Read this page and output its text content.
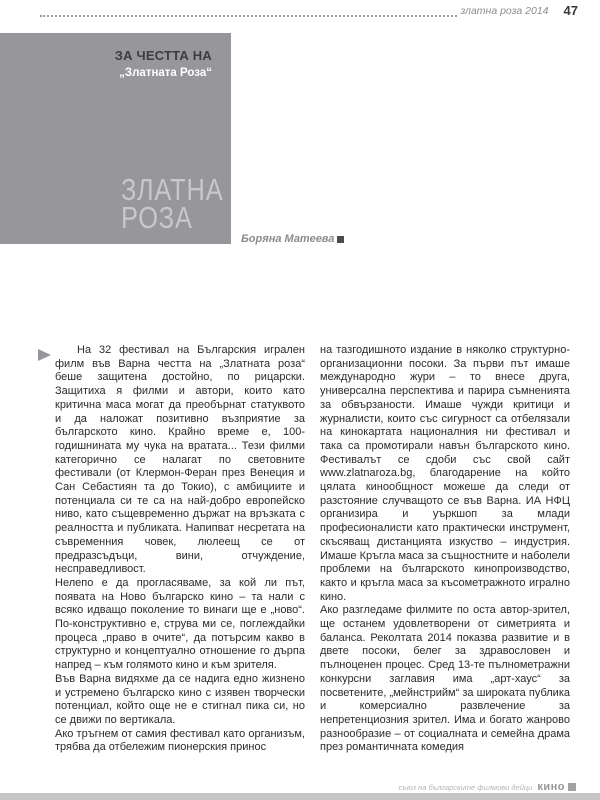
златна роза 2014 47
ЗА ЧЕСТТА НА
„Златната Роза“
ЗЛАТНА
РОЗА
Боряна Матеева

На 32 фестивал на Българския игрален филм във Варна честта на „Златната роза“ беше защитена достойно, по рицарски. Защитиха я филми и автори, които като критична маса могат да преобърнат статуквото и да наложат позитивно възприятие за българското кино. Крайно време е, 100-годишнината му чука на вратата... Тези филми категорично се налагат по световните фестивали (от Клермон-Феран през Венеция и Сан Себастиян та до Токио), с амбициите и потенциала си те са на най-добро европейско ниво, като същевременно държат на връзката с реалността и публиката. Напипват несретата на съвременния човек, люлеещ се от предразсъдъци, вини, отчуждение, несправедливост.

Нелепо е да прогласяваме, за кой ли път, появата на Ново българско кино – та нали с всяко идващо поколение то винаги ще е „ново“. По-конструктивно е, струва ми се, поглеждайки процеса „право в очите“, да потърсим какво в структурно и концептуално отношение го дърпа напред – към голямото кино и към зрителя.

Във Варна видяхме да се надига едно жизнено и устремено българско кино с изявен творчески потенциал, който още не е стигнал пика си, но се движи по вертикала.

Ако тръгнем от самия фестивал като организъм, трябва да отбележим пионерския принос

на тазгодишното издание в няколко структурно-организационни посоки. За първи път имаше международно жури – то внесе друга, универсална перспектива и парира съмненията за обвързаности. Имаше чужди критици и журналисти, които със сигурност са отбелязали на кинокартата националния ни фестивал и така са промотирали навън българското кино. Фестивалът се сдоби със свой сайт www.zlatnaroza.bg, благодарение на който цялата кинообщност можеше да следи от разстояние случващото се във Варна. ИА НФЦ организира и уъркшоп за млади професионалисти като практически инструмент, скъсяващ дистанцията изкуство – индустрия. Имаше Кръгла маса за същностните и наболели проблеми на българското кинопроизводство, както и кръгла маса за късометражното игрално кино.

Ако разгледаме филмите по оста автор-зрител, ще останем удовлетворени от симетрията и баланса. Реколтата 2014 показва развитие и в двете посоки, белег за здравословен и пълноценен процес. Сред 13-те пълнометражни конкурсни заглавия има „арт-хаус“ за посветените, „мейнстрийм“ за широката публика и комерсиално развлечение за непретенциозния зрител. Има и богато жанрово разнообразие – от социалната и семейна драма през романтичната комедия

съюз на българските филмови дейци кино
